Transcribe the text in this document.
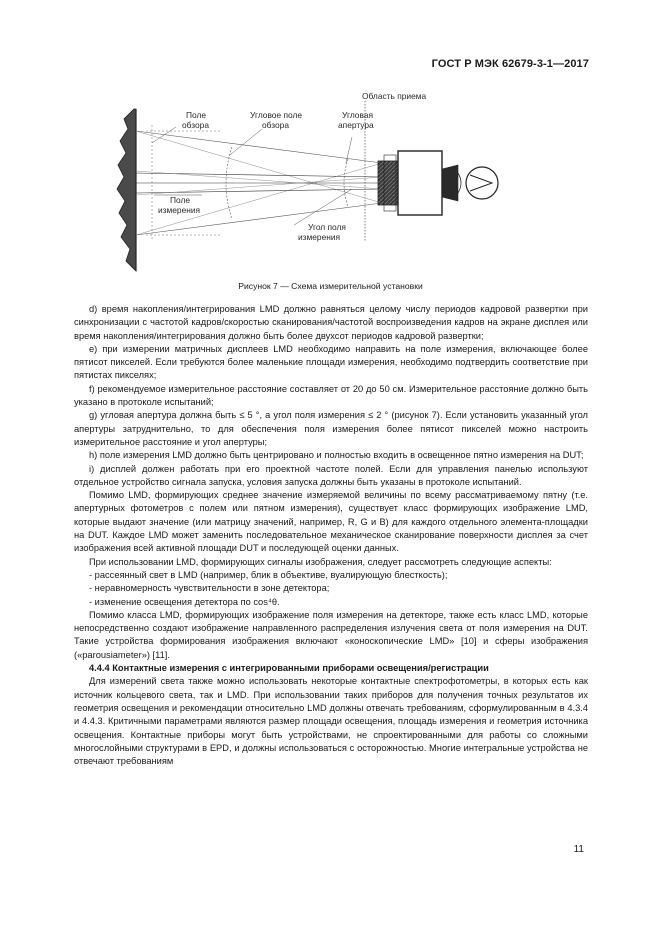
ГОСТ Р МЭК 62679-3-1—2017
Область приема
Поле
обзора
Угловое поле
обзора
Угловая
апертура
Поле
измерения
Угол поля
измерения
Рисунок 7 — Схема измерительной установки

d) время накопления/интегрирования LMD должно равняться целому числу периодов кадровой развертки при синхронизации с частотой кадров/скоростью сканирования/частотой воспроизведения кадров на экране дисплея или время накопления/интегрирования должно быть более двухсот периодов кадровой развертки;

е) при измерении матричных дисплеев LMD необходимо направить на поле измерения, включающее более пятисот пикселей. Если требуются более маленькие площади измерения, необходимо подтвердить соответствие при пятистах пикселях;

f) рекомендуемое измерительное расстояние составляет от 20 до 50 см. Измерительное расстояние должно быть указано в протоколе испытаний;

g) угловая апертура должна быть ≤ 5 °, а угол поля измерения ≤ 2 ° (рисунок 7). Если установить указанный угол апертуры затруднительно, то для обеспечения поля измерения более пятисот пикселей можно настроить измерительное расстояние и угол апертуры;

h) поле измерения LMD должно быть центрировано и полностью входить в освещенное пятно измерения на DUT;

i) дисплей должен работать при его проектной частоте полей. Если для управления панелью используют отдельное устройство сигнала запуска, условия запуска должны быть указаны в протоколе испытаний.

Помимо LMD, формирующих среднее значение измеряемой величины по всему рассматриваемому пятну (т.е. апертурных фотометров с полем или пятном измерения), существует класс формирующих изображение LMD, которые выдают значение (или матрицу значений, например, R, G и B) для каждого отдельного элемента-площадки на DUT. Каждое LMD может заменить последовательное механическое сканирование поверхности дисплея за счет изображения всей активной площади DUT и последующей оценки данных.

При использовании LMD, формирующих сигналы изображения, следует рассмотреть следующие аспекты:

- рассеянный свет в LMD (например, блик в объективе, вуалирующую блесткость);

- неравномерность чувствительности в зоне детектора;

- изменение освещения детектора по cos⁴θ.

Помимо класса LMD, формирующих изображение поля измерения на детекторе, также есть класс LMD, которые непосредственно создают изображение направленного распределения излучения света от поля измерения на DUT. Такие устройства формирования изображения включают «коноскопические LMD» [10] и сферы изображения («parousiameter») [11].

4.4.4 Контактные измерения с интегрированными приборами освещения/регистрации

Для измерений света также можно использовать некоторые контактные спектрофотометры, в которых есть как источник кольцевого света, так и LMD. При использовании таких приборов для получения точных результатов их геометрия освещения и рекомендации относительно LMD должны отвечать требованиям, сформулированным в 4.3.4 и 4.4.3. Критичными параметрами являются размер площади освещения, площадь измерения и геометрия источника освещения. Контактные приборы могут быть устройствами, не спроектированными для работы со сложными многослойными структурами в EPD, и должны использоваться с осторожностью. Многие интегральные устройства не отвечают требованиям

11
